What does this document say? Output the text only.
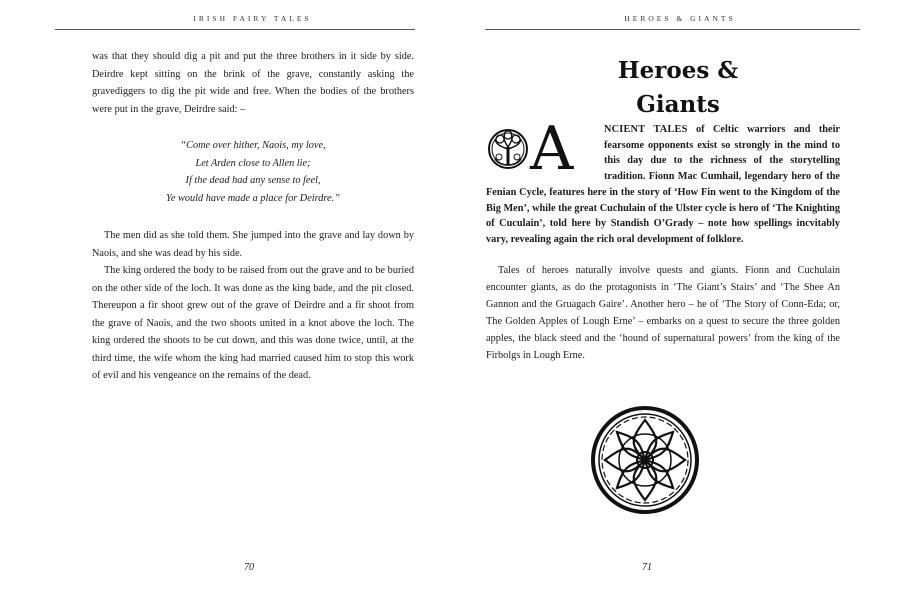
IRISH FAIRY TALES

was that they should dig a pit and put the three brothers in it side by side. Deirdre kept sitting on the brink of the grave, constantly asking the gravediggers to dig the pit wide and free. When the bodies of the brothers were put in the grave, Deirdre said: –

“Come over hither, Naois, my love,
Let Arden close to Allen lie;
If the dead had any sense to feel,
Ye would have made a place for Deirdre.”

The men did as she told them. She jumped into the grave and lay down by Naois, and she was dead by his side.

The king ordered the body to be raised from out the grave and to be buried on the other side of the loch. It was done as the king bade, and the pit closed. Thereupon a fir shoot grew out of the grave of Deirdre and a fir shoot from the grave of Naois, and the two shoots united in a knot above the loch. The king ordered the shoots to be cut down, and this was done twice, until, at the third time, the wife whom the king had married caused him to stop this work of evil and his vengeance on the remains of the dead.

70
HEROES & GIANTS
Heroes &
Giants
A	NCIENT TALES of Celtic warriors and their fearsome opponents exist so strongly in the mind to this day due to the richness of the storytelling tradition. Fionn Mac Cumhail, legendary hero of the Fenian Cycle, features here in the story of ‘How Fin went to the Kingdom of the Big Men’, while the great Cuchulain of the Ulster cycle is hero of ‘The Knighting of Cuculain’, told here by Standish O’Grady – note how spellings incvitably vary, revealing again the rich oral development of folklore.

Tales of heroes naturally involve quests and giants. Fionn and Cuchulain encounter giants, as do the protagonists in ‘The Giant’s Stairs’ and ‘The Shee An Gannon and the Gruagach Gaire’. Another hero – he of ‘The Story of Conn-Eda; or, The Golden Apples of Lough Erne’ – embarks on a quest to secure the three golden apples, the black steed and the ‘hound of supernatural powers’ from the king of the Firbolgs in Lough Erne.

71
